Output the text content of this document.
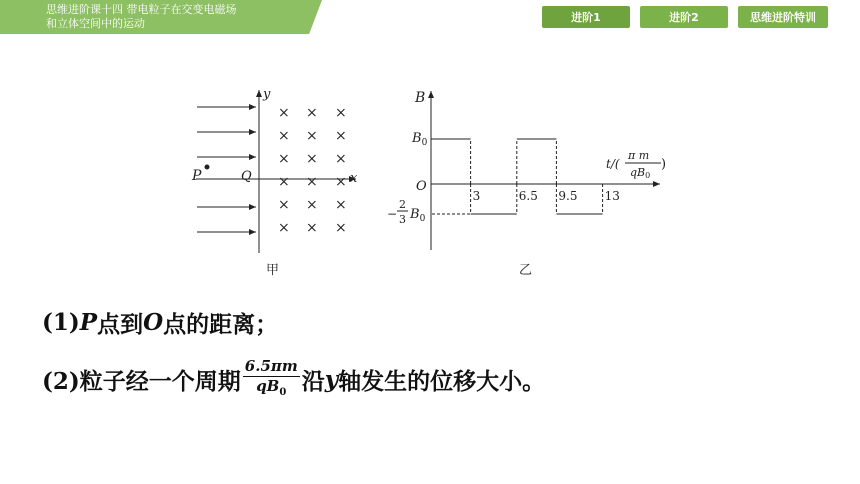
思维进阶课十四 带电粒子在交变电磁场
和立体空间中的运动	进阶1	进阶2	思维进阶特训
y
x
P	Q
× × ×
× × ×
× × ×
× × ×
× × ×
× × ×
甲
B
O
$B_0$
−
2
3 $B_0$
t/(
π m
qB0
)
3	6.5 9.5 13
乙
(1) P 点到 O 点的距离；
(2)粒子经一个周期 $\frac{6.5\pi m}{qB_0}$ 沿 y 轴发生的位移大小。
